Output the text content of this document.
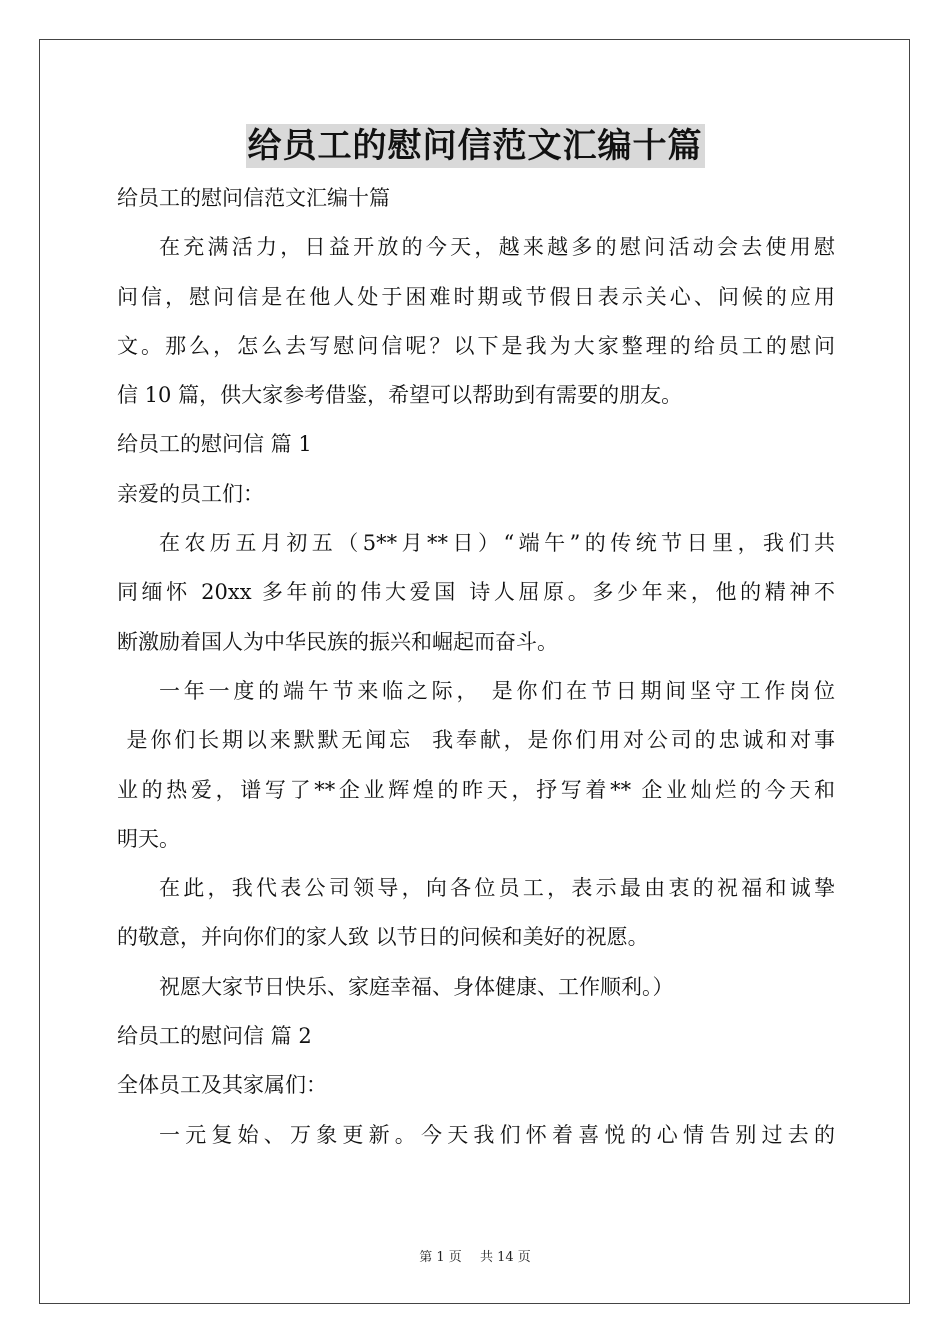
给员工的慰问信范文汇编十篇

给员工的慰问信范文汇编十篇

在充满活力，日益开放的今天，越来越多的慰问活动会去使用慰
问信，慰问信是在他人处于困难时期或节假日表示关心、问候的应用
文。那么，怎么去写慰问信呢？以下是我为大家整理的给员工的慰问
信 10 篇，供大家参考借鉴，希望可以帮助到有需要的朋友。

给员工的慰问信 篇 1

亲爱的员工们：

在农历五月初五（5**月**日）“端午”的传统节日里，我们共
同缅怀 20xx 多年前的伟大爱国 诗人屈原。多少年来，他的精神不
断激励着国人为中华民族的振兴和崛起而奋斗。

一年一度的端午节来临之际， 是你们在节日期间坚守工作岗位
是你们长期以来默默无闻忘  我奉献，是你们用对公司的忠诚和对事
业的热爱，谱写了**企业辉煌的昨天，抒写着** 企业灿烂的今天和
明天。

在此，我代表公司领导，向各位员工，表示最由衷的祝福和诚挚
的敬意，并向你们的家人致 以节日的问候和美好的祝愿。

祝愿大家节日快乐、家庭幸福、身体健康、工作顺利。）

给员工的慰问信 篇 2

全体员工及其家属们：

一元复始、万象更新。今天我们怀着喜悦的心情告别过去的

第 1 页 共 14 页
